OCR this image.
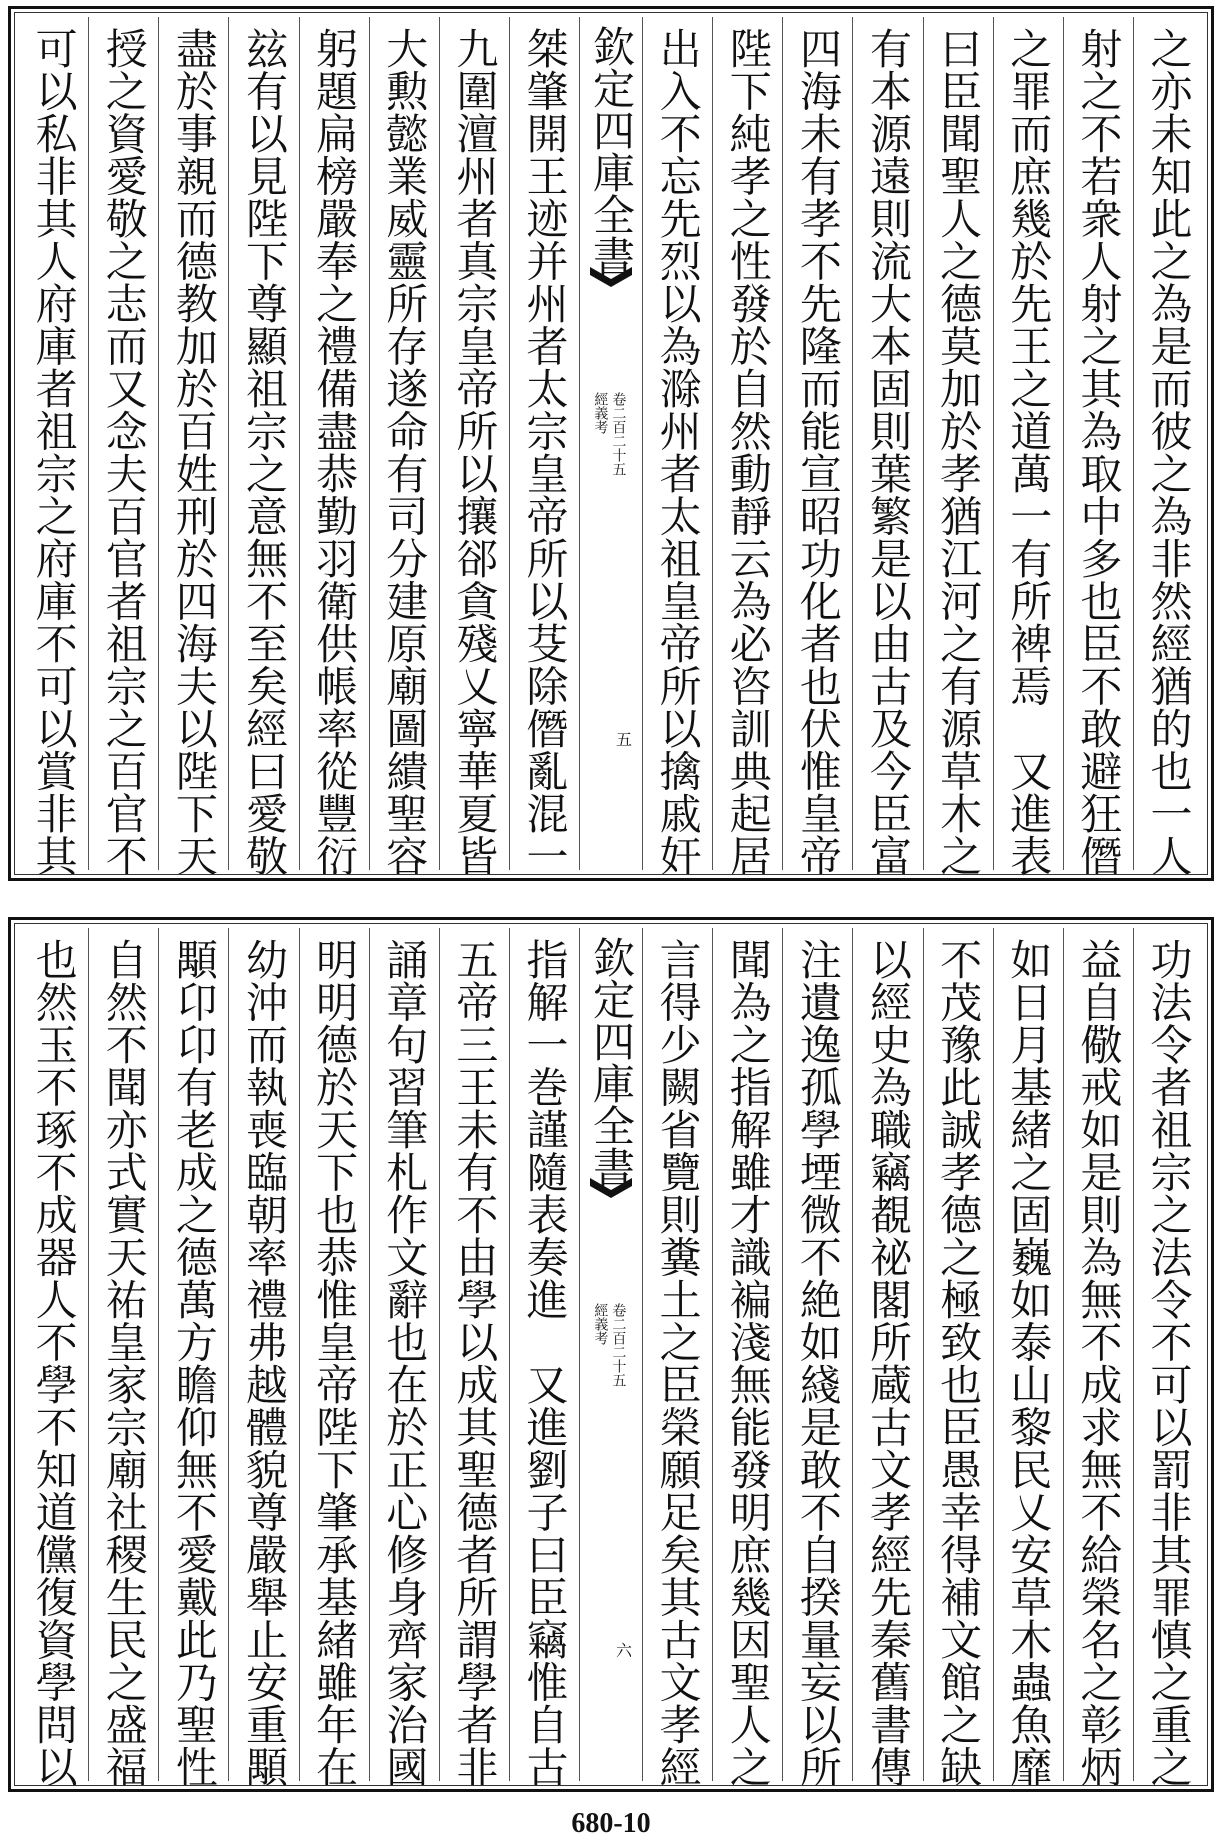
之亦未知此之為是而彼之為非然經猶的也一人
射之不若衆人射之其為取中多也臣不敢避狂僭
之罪而庶幾於先王之道萬一有所裨焉　又進表
曰臣聞聖人之德莫加於孝猶江河之有源草木之
有本源遠則流大本固則葉繁是以由古及今臣富
四海未有孝不先隆而能宣昭功化者也伏惟皇帝
陛下純孝之性發於自然動靜云為必咨訓典起居
出入不忘先烈以為滁州者太祖皇帝所以擒戚奸
欽定四庫全書
經義考 卷二百二十五
五
桀肇開王迹并州者太宗皇帝所以芟除僭亂混一
九圍澶州者真宗皇帝所以攘郤貪殘乂寧華夏皆
大勲懿業威靈所存遂命有司分建原廟圖繢聖容
躬題扁榜嚴奉之禮備盡恭勤羽衛供帳率從豐衍
玆有以見陛下尊顯祖宗之意無不至矣經曰愛敬
盡於事親而德教加於百姓刑於四海夫以陛下天
授之資愛敬之志而又念夫百官者祖宗之百官不
可以私非其人府庫者祖宗之府庫不可以賞非其
功法令者祖宗之法令不可以罰非其罪慎之重之
益自儆戒如是則為無不成求無不給榮名之彰炳
如日月基緒之固巍如泰山黎民乂安草木蟲魚靡
不茂豫此誠孝德之極致也臣愚幸得補文館之缺
以經史為職竊覩祕閣所蔵古文孝經先秦舊書傳
注遺逸孤學堙微不絶如綫是敢不自揆量妄以所
聞為之指解雖才識褊淺無能發明庶幾因聖人之
言得少闕省覽則糞土之臣榮願足矣其古文孝經
欽定四庫全書
經義考 卷二百二十五
六
指解一巻謹隨表奏進　又進劉子曰臣竊惟自古
五帝三王未有不由學以成其聖德者所謂學者非
誦章句習筆札作文辭也在於正心修身齊家治國
明明德於天下也恭惟皇帝陛下肇承基緒雖年在
幼沖而執喪臨朝率禮弗越體貌尊嚴舉止安重顒
顒卬卬有老成之德萬方瞻仰無不愛戴此乃聖性
自然不聞亦式實天祐皇家宗廟社稷生民之盛福
也然玉不琢不成器人不學不知道儻復資學問以
680-10
